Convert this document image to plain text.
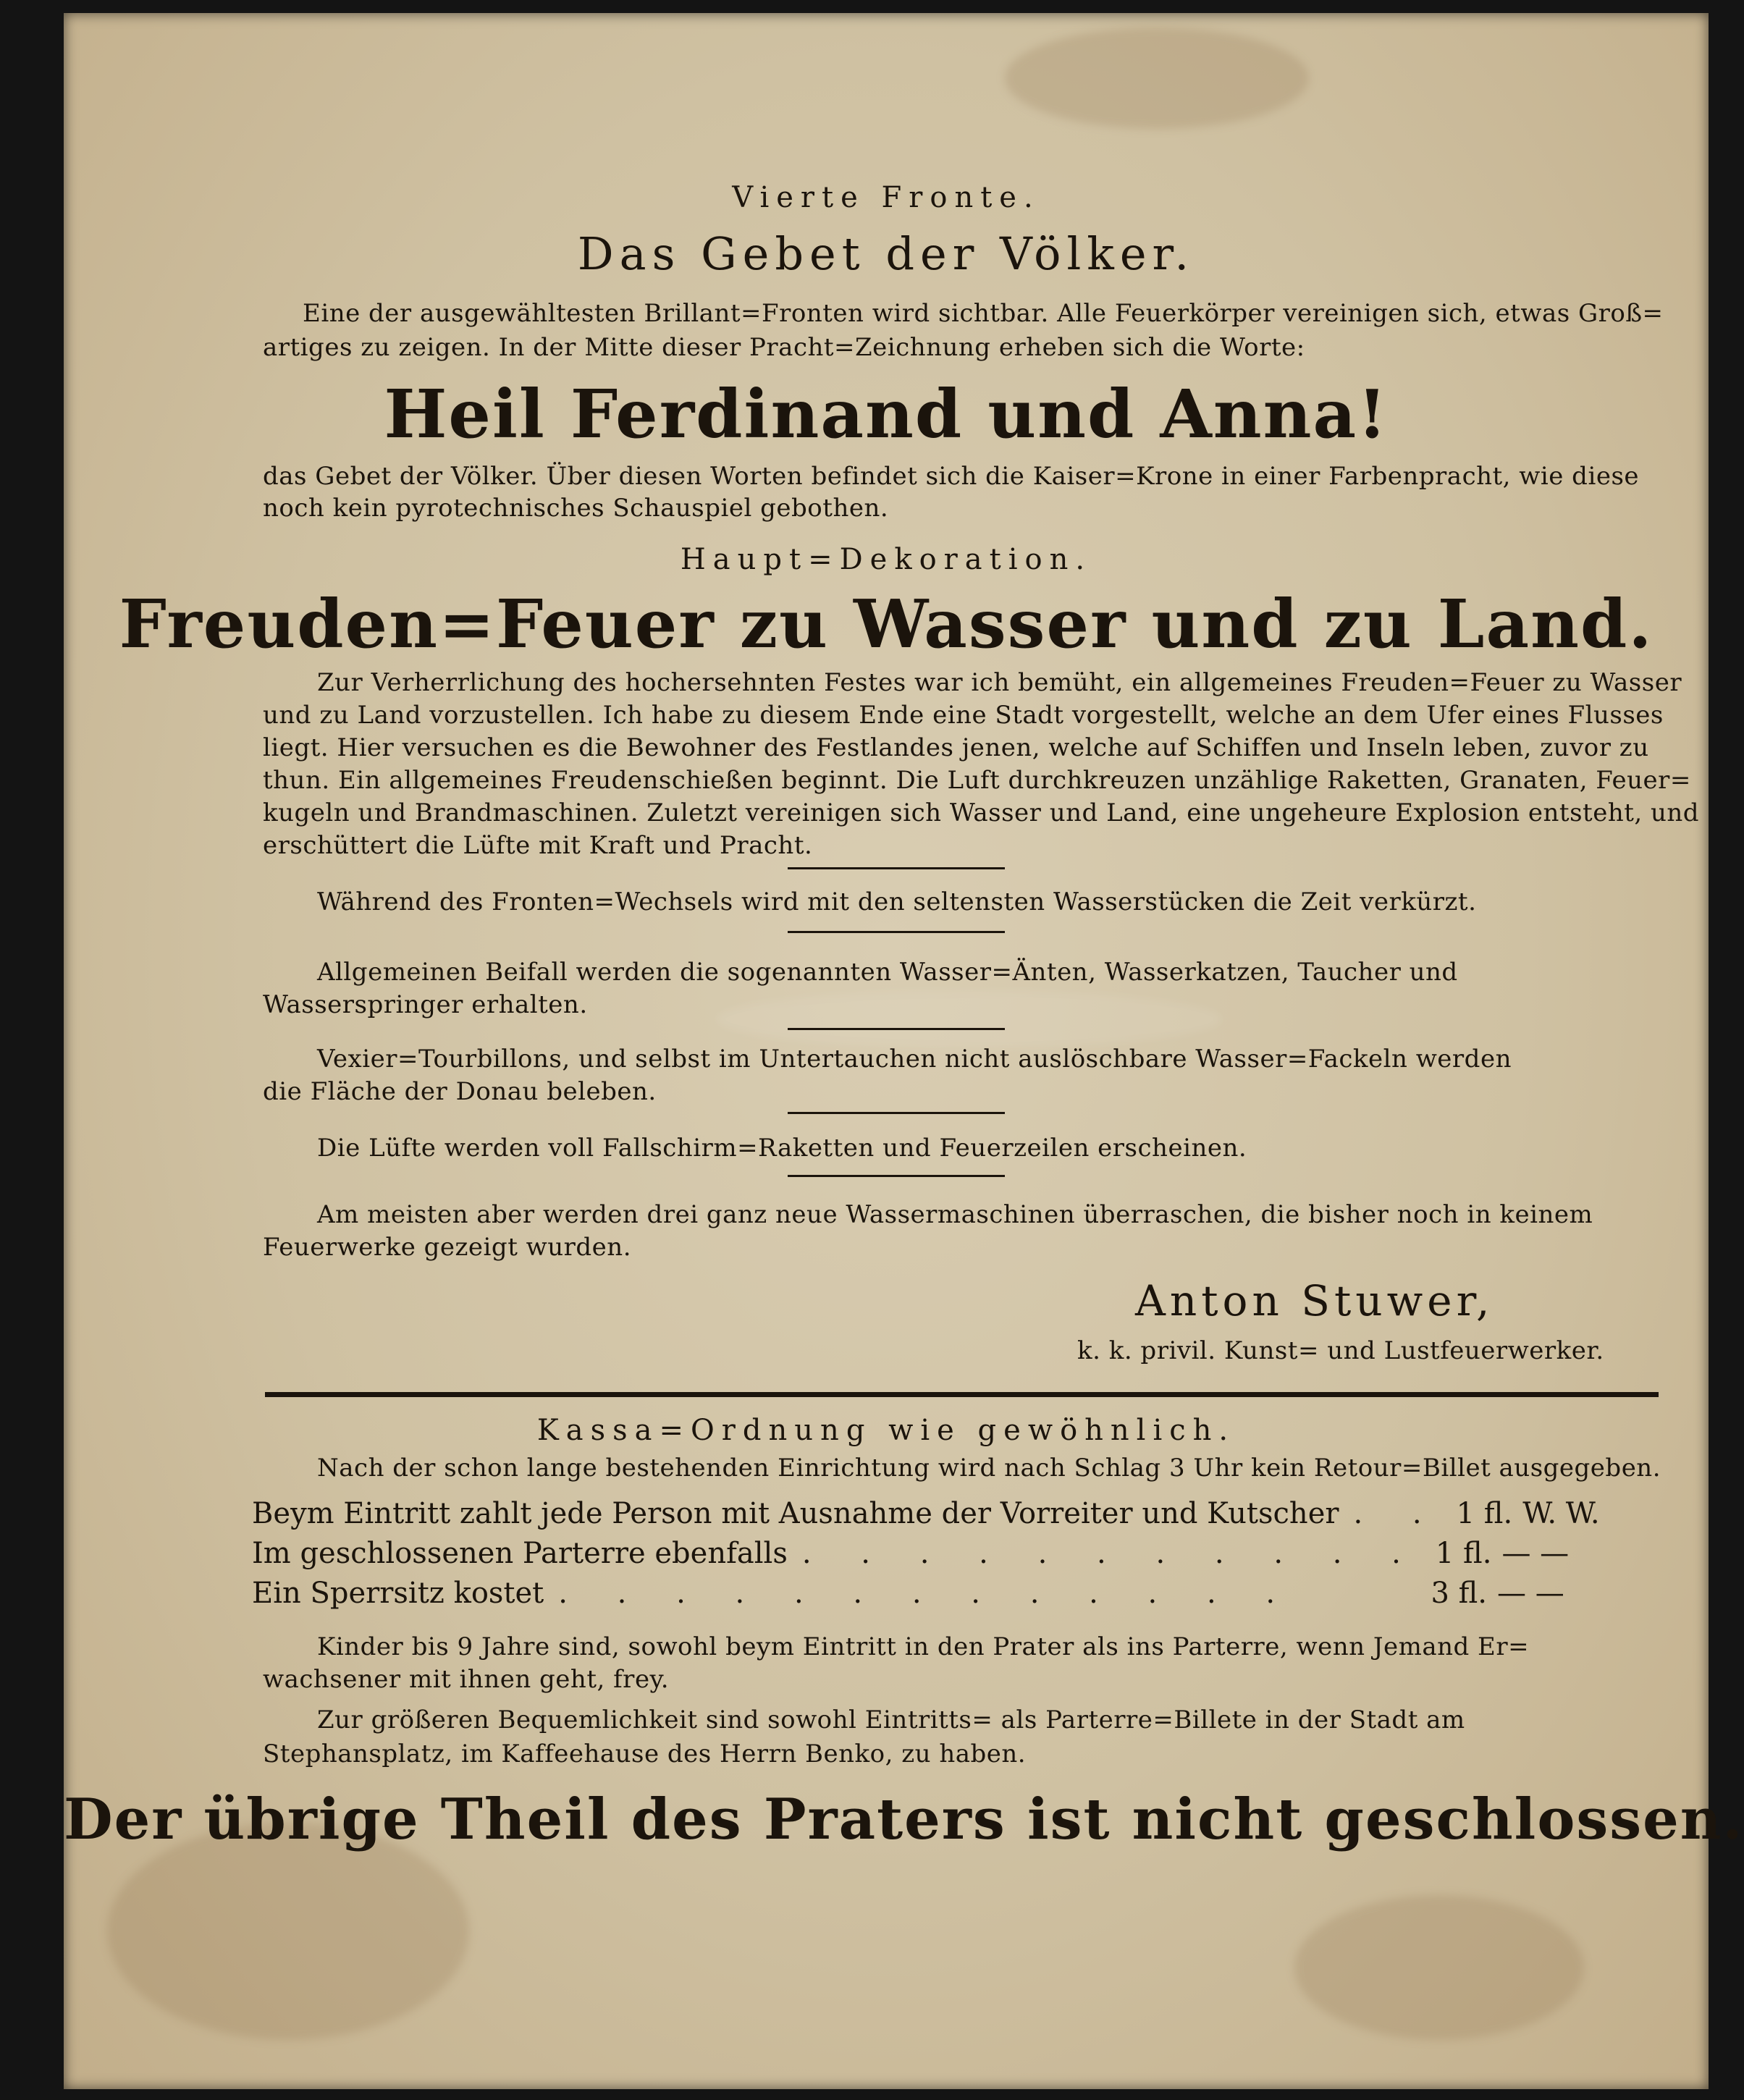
Vierte Fronte.
Das Gebet der Völker.
Eine der ausgewähltesten Brillant=Fronten wird sichtbar. Alle Feuerkörper vereinigen sich, etwas Groß=
artiges zu zeigen. In der Mitte dieser Pracht=Zeichnung erheben sich die Worte:
Heil Ferdinand und Anna!
das Gebet der Völker. Über diesen Worten befindet sich die Kaiser=Krone in einer Farbenpracht, wie diese
noch kein pyrotechnisches Schauspiel gebothen.
Haupt=Dekoration.
Freuden=Feuer zu Wasser und zu Land.
Zur Verherrlichung des hochersehnten Festes war ich bemüht, ein allgemeines Freuden=Feuer zu Wasser
und zu Land vorzustellen. Ich habe zu diesem Ende eine Stadt vorgestellt, welche an dem Ufer eines Flusses
liegt. Hier versuchen es die Bewohner des Festlandes jenen, welche auf Schiffen und Inseln leben, zuvor zu
thun. Ein allgemeines Freudenschießen beginnt. Die Luft durchkreuzen unzählige Raketten, Granaten, Feuer=
kugeln und Brandmaschinen. Zuletzt vereinigen sich Wasser und Land, eine ungeheure Explosion entsteht, und
erschüttert die Lüfte mit Kraft und Pracht.
Während des Fronten=Wechsels wird mit den seltensten Wasserstücken die Zeit verkürzt.
Allgemeinen Beifall werden die sogenannten Wasser=Änten, Wasserkatzen, Taucher und
Wasserspringer erhalten.
Vexier=Tourbillons, und selbst im Untertauchen nicht auslöschbare Wasser=Fackeln werden
die Fläche der Donau beleben.
Die Lüfte werden voll Fallschirm=Raketten und Feuerzeilen erscheinen.
Am meisten aber werden drei ganz neue Wassermaschinen überraschen, die bisher noch in keinem
Feuerwerke gezeigt wurden.
Anton Stuwer,
k. k. privil. Kunst= und Lustfeuerwerker.
Kassa=Ordnung wie gewöhnlich.
Nach der schon lange bestehenden Einrichtung wird nach Schlag 3 Uhr kein Retour=Billet ausgegeben.
Beym Eintritt zahlt jede Person mit Ausnahme der Vorreiter und Kutscher . . 1 fl. W. W.
Im geschlossenen Parterre ebenfalls . . . . . . . . . . . 1 fl. — —
Ein Sperrsitz kostet . . . . . . . . . . . . .	3 fl. — —
Kinder bis 9 Jahre sind, sowohl beym Eintritt in den Prater als ins Parterre, wenn Jemand Er=
wachsener mit ihnen geht, frey.
Zur größeren Bequemlichkeit sind sowohl Eintritts= als Parterre=Billete in der Stadt am
Stephansplatz, im Kaffeehause des Herrn Benko, zu haben.
Der übrige Theil des Praters ist nicht geschlossen.
